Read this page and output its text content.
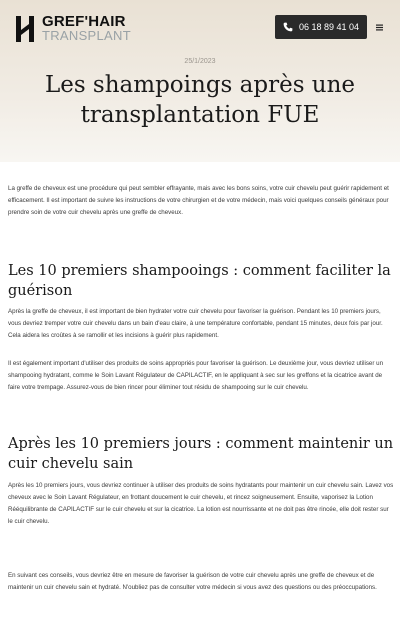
GREF'HAIR
TRANSPLANT
06 18 89 41 04
25/1/2023
Les shampoings après une transplantation FUE

La greffe de cheveux est une procédure qui peut sembler effrayante, mais avec les bons soins, votre cuir chevelu peut guérir rapidement et efficacement. Il est important de suivre les instructions de votre chirurgien et de votre médecin, mais voici quelques conseils généraux pour prendre soin de votre cuir chevelu après une greffe de cheveux.

Les 10 premiers shampooings : comment faciliter la guérison

Après la greffe de cheveux, il est important de bien hydrater votre cuir chevelu pour favoriser la guérison. Pendant les 10 premiers jours, vous devriez tremper votre cuir chevelu dans un bain d'eau claire, à une température confortable, pendant 15 minutes, deux fois par jour. Cela aidera les croûtes à se ramollir et les incisions à guérir plus rapidement.

Il est également important d'utiliser des produits de soins appropriés pour favoriser la guérison. Le deuxième jour, vous devriez utiliser un shampooing hydratant, comme le Soin Lavant Régulateur de CAPILACTIF, en le appliquant à sec sur les greffons et la cicatrice avant de faire votre trempage. Assurez-vous de bien rincer pour éliminer tout résidu de shampooing sur le cuir chevelu.

Après les 10 premiers jours : comment maintenir un cuir chevelu sain

Après les 10 premiers jours, vous devriez continuer à utiliser des produits de soins hydratants pour maintenir un cuir chevelu sain. Lavez vos cheveux avec le Soin Lavant Régulateur, en frottant doucement le cuir chevelu, et rincez soigneusement. Ensuite, vaporisez la Lotion Rééquilibrante de CAPILACTIF sur le cuir chevelu et sur la cicatrice. La lotion est nourrissante et ne doit pas être rincée, elle doit rester sur le cuir chevelu.

En suivant ces conseils, vous devriez être en mesure de favoriser la guérison de votre cuir chevelu après une greffe de cheveux et de maintenir un cuir chevelu sain et hydraté. N'oubliez pas de consulter votre médecin si vous avez des questions ou des préoccupations.
